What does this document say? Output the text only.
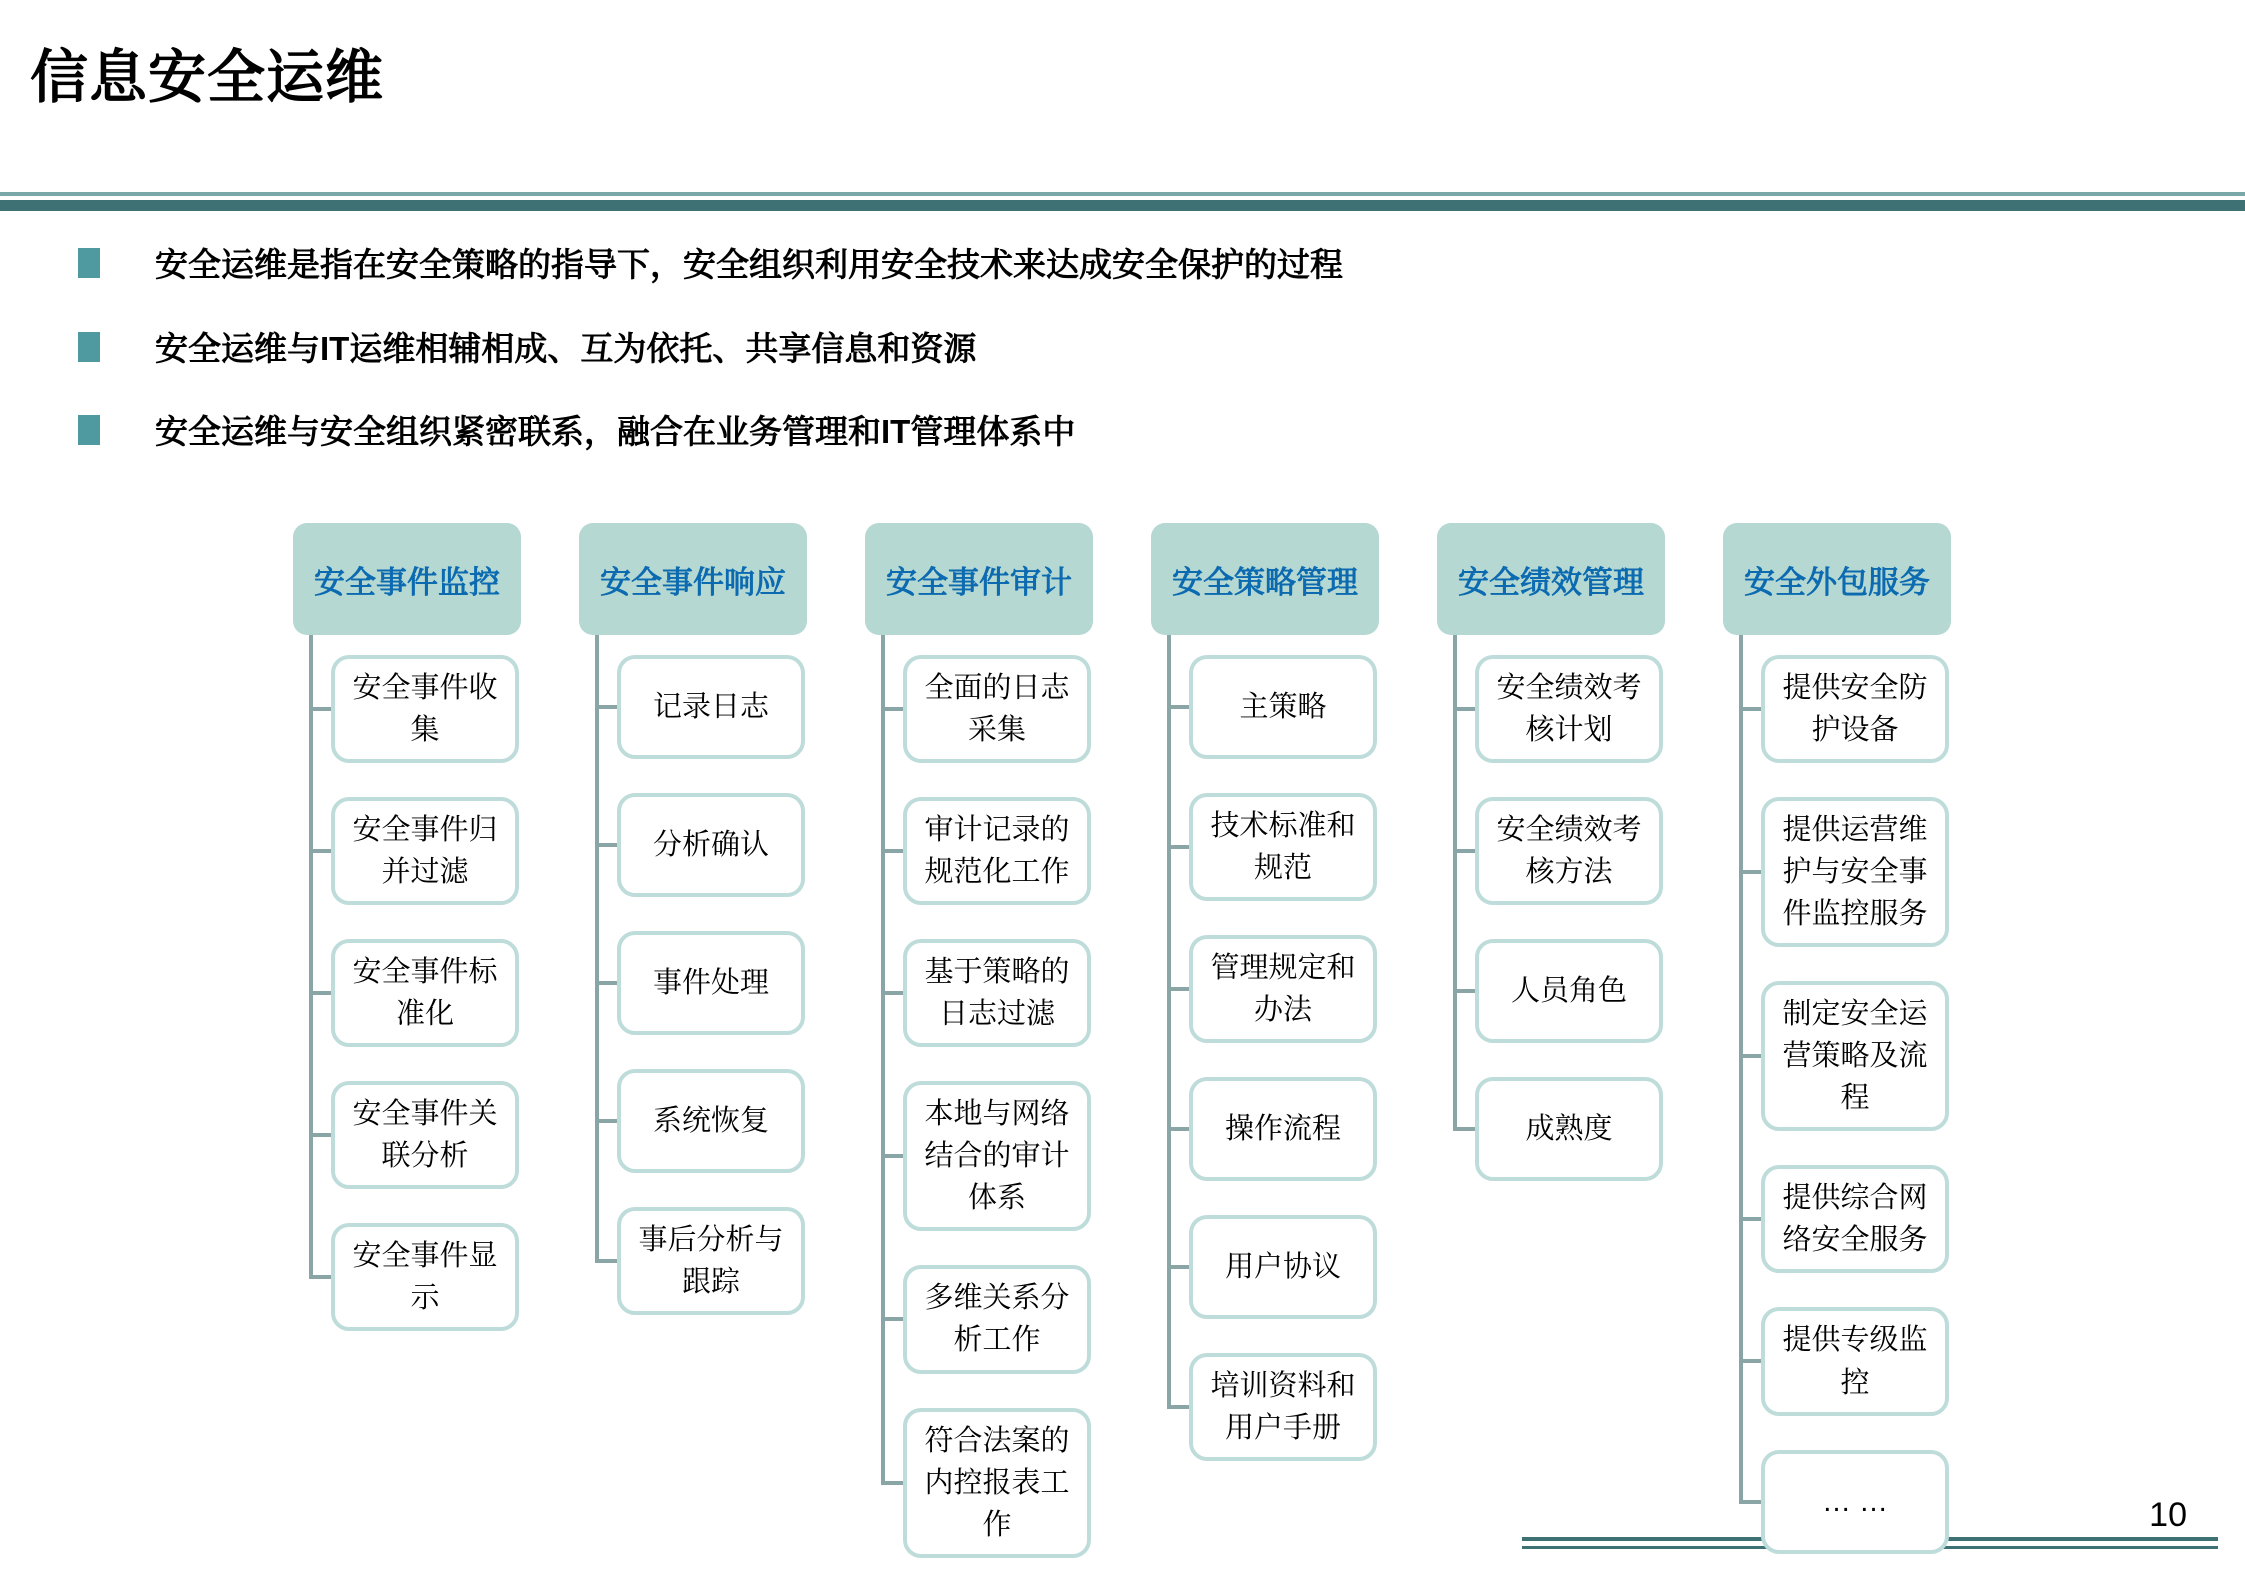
信息安全运维
安全运维是指在安全策略的指导下，安全组织利用安全技术来达成安全保护的过程
安全运维与IT运维相辅相成、互为依托、共享信息和资源
安全运维与安全组织紧密联系，融合在业务管理和IT管理体系中
安全事件监控
安全事件收集
安全事件归并过滤
安全事件标准化
安全事件关联分析
安全事件显示
安全事件响应
记录日志
分析确认
事件处理
系统恢复
事后分析与跟踪
安全事件审计
全面的日志采集
审计记录的规范化工作
基于策略的日志过滤
本地与网络结合的审计体系
多维关系分析工作
符合法案的内控报表工作
安全策略管理
主策略
技术标准和规范
管理规定和办法
操作流程
用户协议
培训资料和用户手册
安全绩效管理
安全绩效考核计划
安全绩效考核方法
人员角色
成熟度
安全外包服务
提供安全防护设备
提供运营维护与安全事件监控服务
制定安全运营策略及流程
提供综合网络安全服务
提供专级监控
… …	10
